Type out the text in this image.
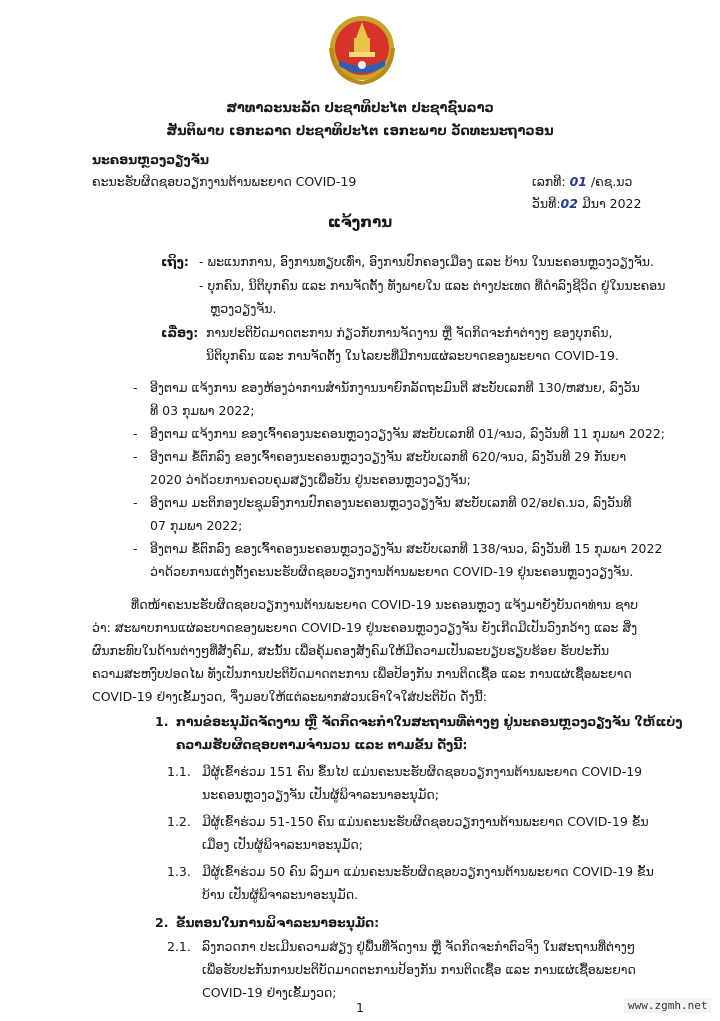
ສາທາລະນະລັດ ປະຊາທິປະໄຕ ປະຊາຊົນລາວ
ສັນຕິພາບ ເອກະລາດ ປະຊາທິປະໄຕ ເອກະພາບ ວັດທະນະຖາວອນ
ນະຄອນຫຼວງວຽງຈັນ
ຄະນະຮັບຜິດຊອບວຽກງານຕ້ານພະຍາດ COVID-19	ເລກທີ: 01 /ຄຊ.ນວ
ວັນທີ:02 ມີນາ 2022
ແຈ້ງການ
ເຖິງ: - ພະແນກການ, ອົງການທຽບເທົ່າ, ອົງການປົກຄອງເມືອງ ແລະ ບ້ານ ໃນນະຄອນຫຼວງວຽງຈັນ.
- ບຸກຄົນ, ນິຕິບຸກຄົນ ແລະ ການຈັດຕັ້ງ ທັງພາຍໃນ ແລະ ຕ່າງປະເທດ ທີ່ດຳລົງຊີວິດ ຢູ່ໃນນະຄອນ
ຫຼວງວຽງຈັນ.
ເລື່ອງ: ການປະຕິບັດມາດຕະການ ກ່ຽວກັບການຈັດງານ ຫຼື ຈັດກິດຈະກຳຕ່າງໆ ຂອງບຸກຄົນ,
ນິຕິບຸກຄົນ ແລະ ການຈັດຕັ້ງ ໃນໄລຍະທີ່ມີການແຜ່ລະບາດຂອງພະຍາດ COVID-19.
- ອີງຕາມ ແຈ້ງການ ຂອງຫ້ອງວ່າການສຳນັກງານນາຍົກລັດຖະມົນຕີ ສະບັບເລກທີ 130/ຫສນຍ, ລົງວັນ
ທີ 03 ກຸມພາ 2022;
- ອີງຕາມ ແຈ້ງການ ຂອງເຈົ້າຄອງນະຄອນຫຼວງວຽງຈັນ ສະບັບເລກທີ 01/ຈນວ, ລົງວັນທີ 11 ກຸມພາ 2022;
- ອີງຕາມ ຂໍ້ຕົກລົງ ຂອງເຈົ້າຄອງນະຄອນຫຼວງວຽງຈັນ ສະບັບເລກທີ 620/ຈນວ, ລົງວັນທີ 29 ກັນຍາ
2020 ວ່າດ້ວຍການຄວບຄຸມສຽງເພື່ອບັນ ຢູ່ນະຄອນຫຼວງວຽງຈັນ;
- ອີງຕາມ ມະຕິກອງປະຊຸມອົງການປົກຄອງນະຄອນຫຼວງວຽງຈັນ ສະບັບເລກທີ 02/ອປຄ.ນວ, ລົງວັນທີ
07 ກຸມພາ 2022;
- ອີງຕາມ ຂໍ້ຕົກລົງ ຂອງເຈົ້າຄອງນະຄອນຫຼວງວຽງຈັນ ສະບັບເລກທີ 138/ຈນວ, ລົງວັນທີ 15 ກຸມພາ 2022
ວ່າດ້ວຍການແຕ່ງຕັ້ງຄະນະຮັບຜິດຊອບວຽກງານຕ້ານພະຍາດ COVID-19 ຢູ່ນະຄອນຫຼວງວຽງຈັນ.
ທີ່ດໜ້າຄະນະຮັບຜິດຊອບວຽກງານຕ້ານພະຍາດ COVID-19 ນະຄອນຫຼວງ ແຈ້ງມາຍັງບັນດາທ່ານ ຊາບ
ວ່າ: ສະພາບການແຜ່ລະບາດຂອງພະຍາດ COVID-19 ຢູ່ນະຄອນຫຼວງວຽງຈັນ ຍັງເກີດມີເປັນວົງກວ້າງ ແລະ ສິ່ງ
ຜົນກະທົບໃນດ້ານຕ່າງໆທີ່ສັງຄົມ, ສະນັ້ນ ເພື່ອຄຸ້ມຄອງສັງຄົມໃຫ້ມີຄວາມເປັນລະບຽບຮຽບຮ້ອຍ ຮັບປະກັນ
ຄວາມສະຫງົບປອດໄພ ທັງເປັນການປະຕິບັດມາດຕະການ ເພື່ອປ້ອງກັນ ການຕິດເຊື້ອ ແລະ ການແຜ່ເຊື້ອພະຍາດ
COVID-19 ຢ່າງເຂັ້ມງວດ, ຈຶ່ງມອບໃຫ້ແຕ່ລະພາກສ່ວນເອົາໃຈໃສ່ປະຕິບັດ ດັ່ງນີ້:
1. ການຂໍອະນຸມັດຈັດງານ ຫຼື ຈັດກິດຈະກຳໃນສະຖານທີ່ຕ່າງໆ ຢູ່ນະຄອນຫຼວງວຽງຈັນ ໃຫ້ແບ່ງ
ຄວາມຮັບຜິດຊອບຕາມຈຳນວນ ແລະ ຕາມຂັ້ນ ດັ່ງນີ້:
1.1. ມີຜູ້ເຂົ້າຮ່ວມ 151 ຄົນ ຂຶ້ນໄປ ແມ່ນຄະນະຮັບຜິດຊອບວຽກງານຕ້ານພະຍາດ COVID-19
ນະຄອນຫຼວງວຽງຈັນ ເປັນຜູ້ພິຈາລະນາອະນຸມັດ;
1.2. ມີຜູ້ເຂົ້າຮ່ວມ 51-150 ຄົນ ແມ່ນຄະນະຮັບຜິດຊອບວຽກງານຕ້ານພະຍາດ COVID-19 ຂັ້ນ
ເມືອງ ເປັນຜູ້ພິຈາລະນາອະນຸມັດ;
1.3. ມີຜູ້ເຂົ້າຮ່ວມ 50 ຄົນ ລົງມາ ແມ່ນຄະນະຮັບຜິດຊອບວຽກງານຕ້ານພະຍາດ COVID-19 ຂັ້ນ
ບ້ານ ເປັນຜູ້ພິຈາລະນາອະນຸມັດ.
2. ຂັ້ນຕອນໃນການພິຈາລະນາອະນຸມັດ:
2.1. ລົງກວດກາ ປະເມີນຄວາມສ່ຽງ ຢູ່ພື້ນທີ່ຈັດງານ ຫຼື ຈັດກິດຈະກຳຕົວຈິງ ໃນສະຖານທີ່ຕ່າງໆ
ເພື່ອຮັບປະກັນການປະຕິບັດມາດຕະການປ້ອງກັນ ການຕິດເຊື້ອ ແລະ ການແຜ່ເຊື້ອພະຍາດ
COVID-19 ຢ່າງເຂັ້ມງວດ;
1	www.zgmh.net
